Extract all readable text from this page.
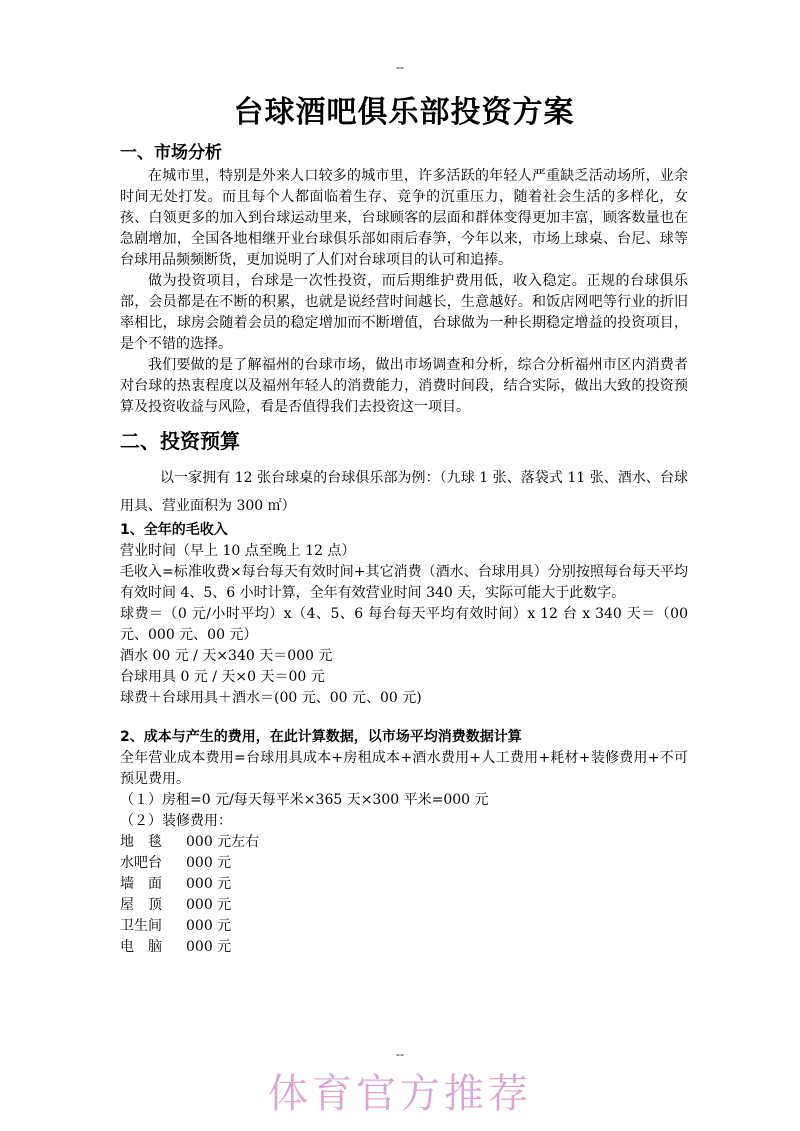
--
台球酒吧俱乐部投资方案
一、市场分析

在城市里，特别是外来人口较多的城市里，许多活跃的年轻人严重缺乏活动场所，业余时间无处打发。而且每个人都面临着生存、竞争的沉重压力，随着社会生活的多样化，女孩、白领更多的加入到台球运动里来，台球顾客的层面和群体变得更加丰富，顾客数量也在急剧增加，全国各地相继开业台球俱乐部如雨后春笋，今年以来，市场上球桌、台尼、球等台球用品频频断货，更加说明了人们对台球项目的认可和追捧。

做为投资项目，台球是一次性投资，而后期维护费用低，收入稳定。正规的台球俱乐部，会员都是在不断的积累，也就是说经营时间越长，生意越好。和饭店网吧等行业的折旧率相比，球房会随着会员的稳定增加而不断增值，台球做为一种长期稳定增益的投资项目，是个不错的选择。

我们要做的是了解福州的台球市场，做出市场调查和分析，综合分析福州市区内消费者对台球的热衷程度以及福州年轻人的消费能力，消费时间段，结合实际，做出大致的投资预算及投资收益与风险，看是否值得我们去投资这一项目。

二、投资预算

以一家拥有 12 张台球桌的台球俱乐部为例：（九球 1 张、落袋式 11 张、酒水、台球用具、营业面积为 300 ㎡）

1、全年的毛收入

营业时间（早上 10 点至晚上 12 点）

毛收入=标准收费×每台每天有效时间+其它消费（酒水、台球用具）分别按照每台每天平均有效时间 4、5、6 小时计算，全年有效营业时间 340 天，实际可能大于此数字。

球费＝（0 元/小时平均）x（4、5、6 每台每天平均有效时间）x 12 台 x 340 天＝（00 元、000 元、00 元）

酒水 00 元 / 天×340 天＝000 元

台球用具 0 元 / 天×0 天＝00 元

球费＋台球用具＋酒水＝(00 元、00 元、00 元)

2、成本与产生的费用，在此计算数据，以市场平均消费数据计算

全年营业成本费用=台球用具成本+房租成本+酒水费用+人工费用+耗材+装修费用+不可预见费用。

（１）房租=0 元/每天每平米×365 天×300 平米=000 元

（２）装修费用：

地　毯	000 元左右
水吧台	000 元
墙　面	000 元
屋　顶	000 元
卫生间	000 元
电　脑	000 元
--
体育官方推荐
